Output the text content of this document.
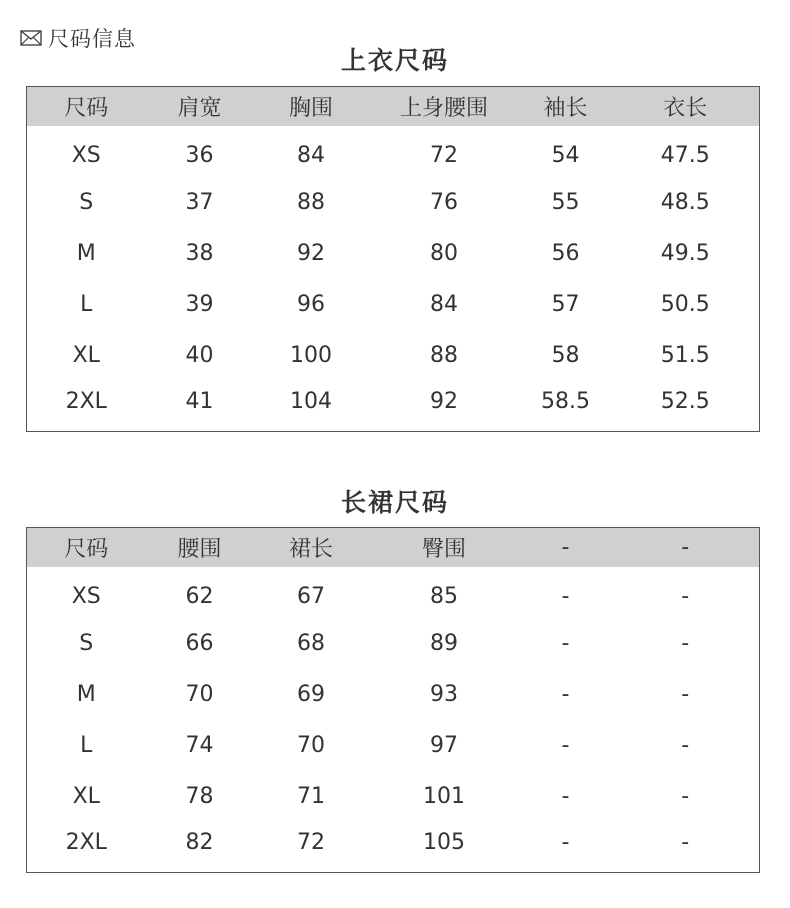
尺码信息
上衣尺码
尺码	肩宽	胸围	上身腰围	袖长	衣长
XS	36	84	72	54	47.5
S	37	88	76	55	48.5
M	38	92	80	56	49.5
L	39	96	84	57	50.5
XL	40	100	88	58	51.5
2XL	41	104	92	58.5	52.5
长裙尺码
尺码	腰围	裙长	臀围	-	-
XS	62	67	85	-	-
S	66	68	89	-	-
M	70	69	93	-	-
L	74	70	97	-	-
XL	78	71	101	-	-
2XL	82	72	105	-	-
